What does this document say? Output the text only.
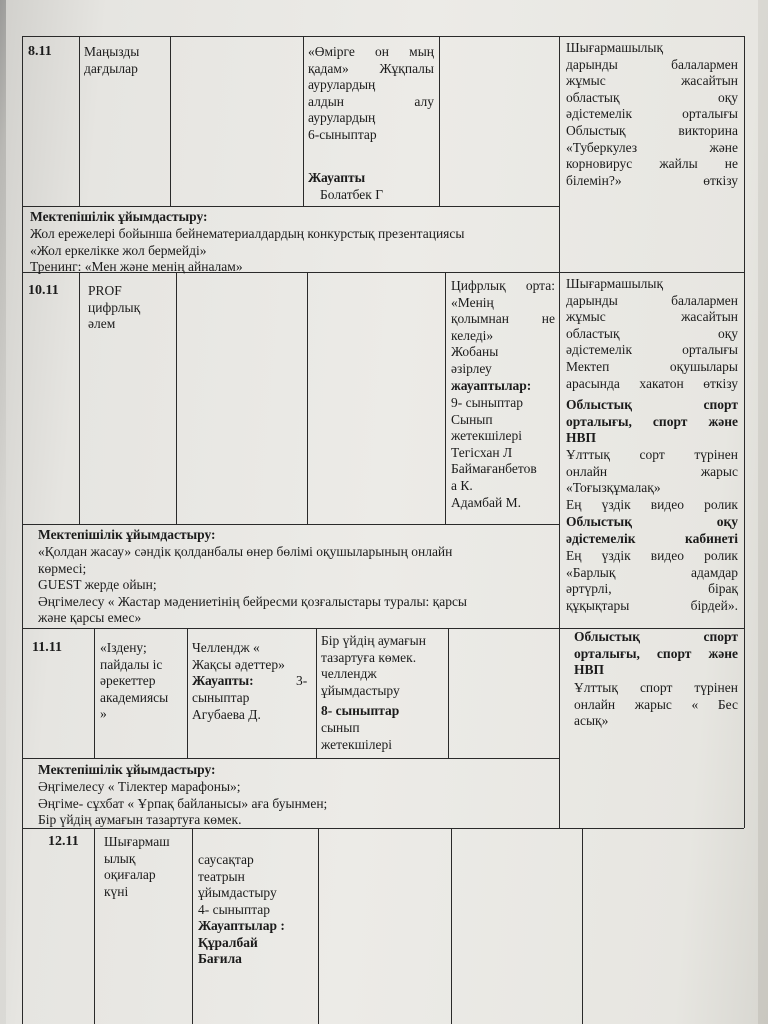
8.11 Маңызды
дағдылар
«Өмірге он мың
қадам» Жұқпалы
аурулардың
алдын алу
аурулардың
6-сыныптар
Жауапты
Болатбек Г
Шығармашылық
дарынды балалармен
жұмыс жасайтын
областық оқу
әдістемелік орталығы
Облыстық викторина
«Туберкулез және
корновирус жайлы не
білемін?» өткізу
Мектепішілік ұйымдастыру:
Жол ережелері бойынша бейнематериалдардың конкурстық презентациясы
«Жол еркелікке жол бермейді»
Тренинг: «Мен және менің айналам»
10.11 PROF
цифрлық
әлем
Цифрлық орта:
«Менің
қолымнан не
келеді»
Жобаны
әзірлеу
жауаптылар:
9- сыныптар
Сынып
жетекшілері
Тегісхан Л
Баймағанбетов
а К.
Адамбай М.
Шығармашылық
дарынды балалармен
жұмыс жасайтын
областық оқу
әдістемелік орталығы
Мектеп оқушылары
арасында хакатон өткізу
Облыстық спорт
орталығы, спорт және
НВП
Ұлттық сорт түрінен
онлайн жарыс
«Тоғызқұмалақ»
Ең үздік видео ролик
Облыстық оқу
әдістемелік кабинеті
Ең үздік видео ролик
«Барлық адамдар
әртүрлі, бірақ
құқықтары бірдей».
Мектепішілік ұйымдастыру:
«Қолдан жасау» сәндік қолданбалы өнер бөлімі оқушыларының онлайн
көрмесі;
GUEST жерде ойын;
Әңгімелесу « Жастар мәдениетінің бейресми қозғалыстары туралы: қарсы
және қарсы емес»
11.11	«Іздену;
пайдалы іс
әрекеттер
академиясы
»
Челлендж «
Жақсы әдеттер»
Жауапты:	3-
сыныптар
Агубаева Д.
Бір үйдің аумағын
тазартуға көмек.
челлендж
ұйымдастыру
8- сыныптар
сынып
жетекшілері
Облыстық спорт
орталығы, спорт және
НВП
Ұлттық спорт түрінен
онлайн жарыс « Бес
асық»
Мектепішілік ұйымдастыру:
Әңгімелесу « Тілектер марафоны»;
Әңгіме- сұхбат « Ұрпақ байланысы» аға буынмен;
Бір үйдің аумағын тазартуға көмек.
12.11 Шығармаш
ылық
оқиғалар
күні
саусақтар
театрын
ұйымдастыру
4- сыныптар
Жауаптылар :
Құралбай
Бағила
